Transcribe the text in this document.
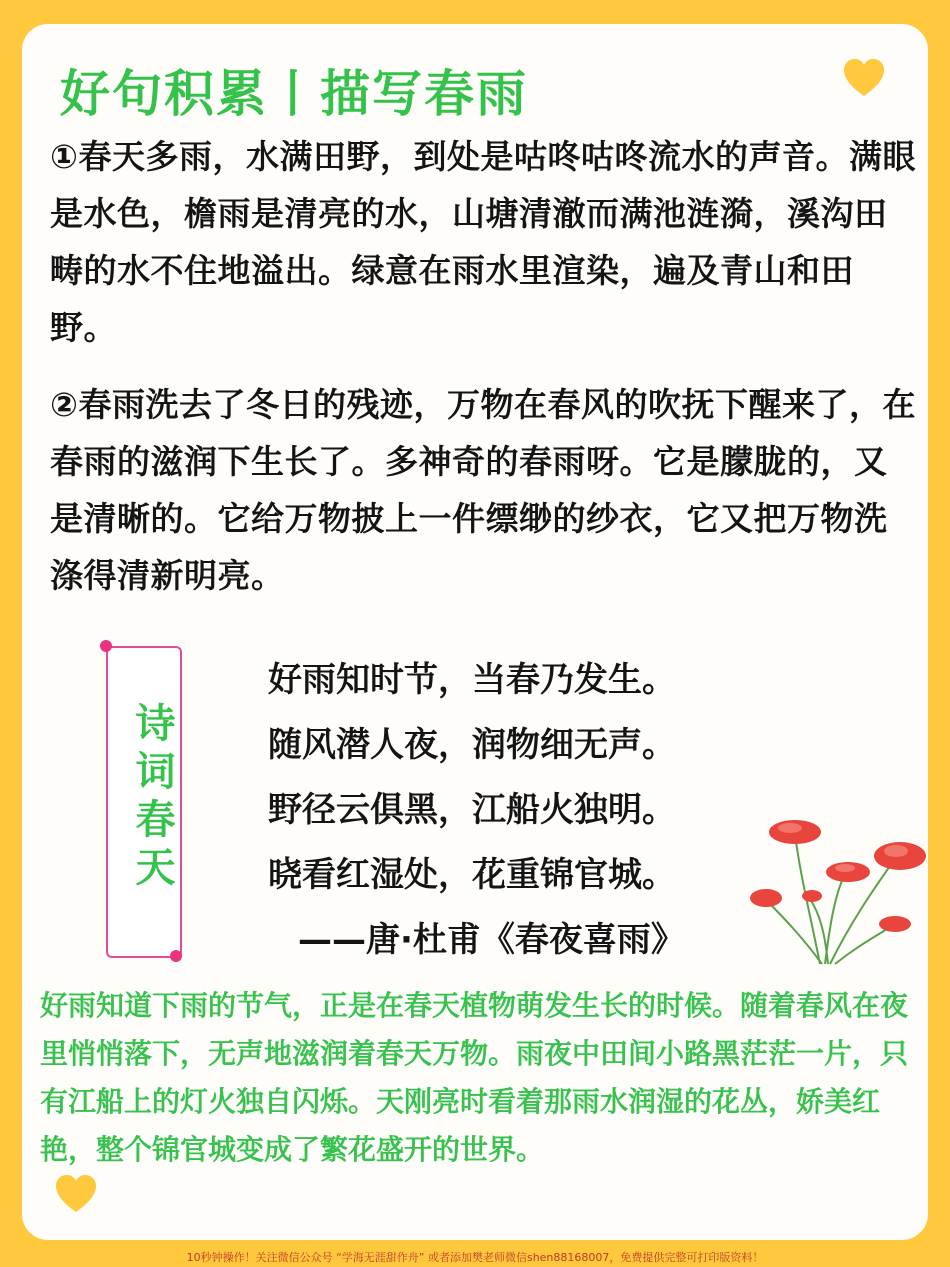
好句积累丨描写春雨
①春天多雨，水满田野，到处是咕咚咕咚流水的声音。满眼是水色，檐雨是清亮的水，山塘清澈而满池涟漪，溪沟田畴的水不住地溢出。绿意在雨水里渲染，遍及青山和田野。
②春雨洗去了冬日的残迹，万物在春风的吹抚下醒来了，在春雨的滋润下生长了。多神奇的春雨呀。它是朦胧的，又是清晰的。它给万物披上一件缥缈的纱衣，它又把万物洗涤得清新明亮。
诗词春天
好雨知时节，当春乃发生。
随风潜人夜，润物细无声。
野径云俱黑，江船火独明。
晓看红湿处，花重锦官城。
——唐·杜甫《春夜喜雨》
好雨知道下雨的节气，正是在春天植物萌发生长的时候。随着春风在夜里悄悄落下，无声地滋润着春天万物。雨夜中田间小路黑茫茫一片，只有江船上的灯火独自闪烁。天刚亮时看着那雨水润湿的花丛，娇美红艳，整个锦官城变成了繁花盛开的世界。
10秒钟操作！关注微信公众号 “学海无涯甜作舟” 或者添加樊老师微信shen88168007，免费提供完整可打印版资料！
